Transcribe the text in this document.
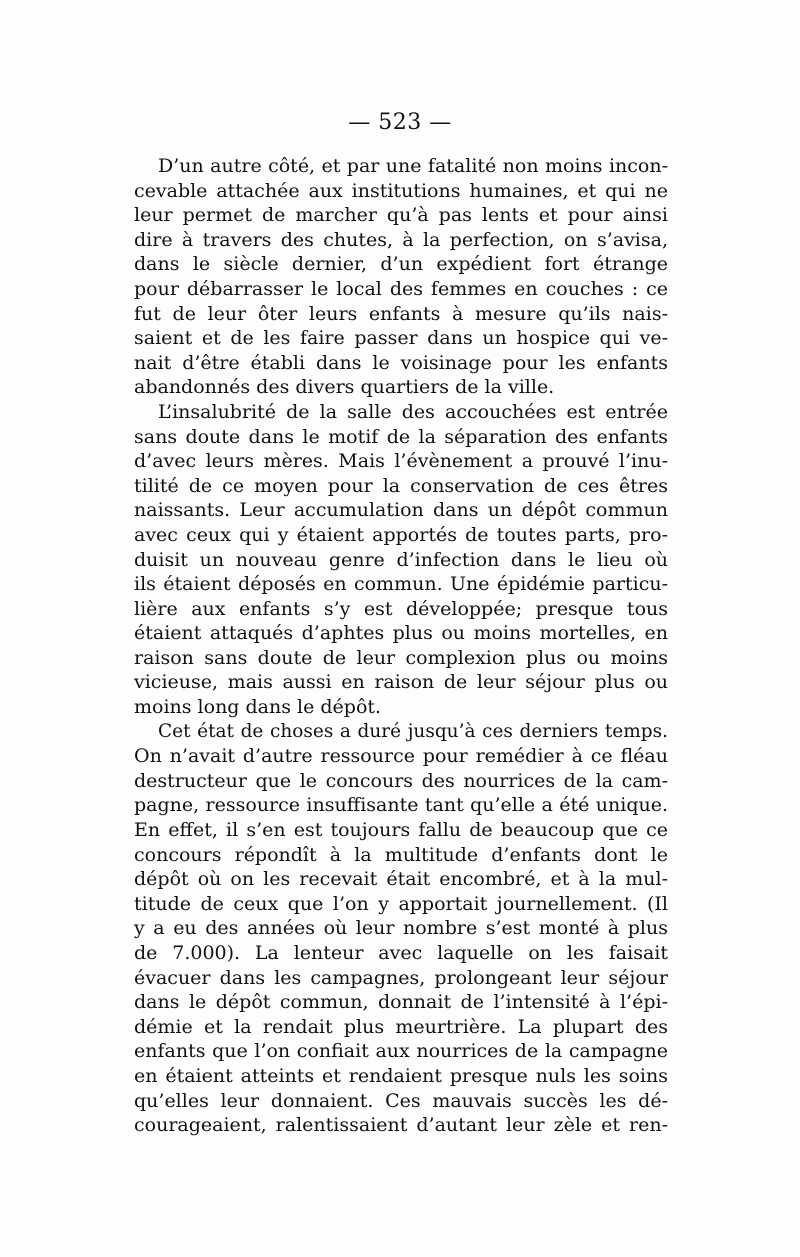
— 523 —
D’un autre côté, et par une fatalité non moins incon-
cevable attachée aux institutions humaines, et qui ne
leur permet de marcher qu’à pas lents et pour ainsi
dire à travers des chutes, à la perfection, on s’avisa,
dans le siècle dernier, d’un expédient fort étrange
pour débarrasser le local des femmes en couches : ce
fut de leur ôter leurs enfants à mesure qu’ils nais-
saient et de les faire passer dans un hospice qui ve-
nait d’être établi dans le voisinage pour les enfants
abandonnés des divers quartiers de la ville.
L’insalubrité de la salle des accouchées est entrée
sans doute dans le motif de la séparation des enfants
d’avec leurs mères. Mais l’évènement a prouvé l’inu-
tilité de ce moyen pour la conservation de ces êtres
naissants. Leur accumulation dans un dépôt commun
avec ceux qui y étaient apportés de toutes parts, pro-
duisit un nouveau genre d’infection dans le lieu où
ils étaient déposés en commun. Une épidémie particu-
lière aux enfants s’y est développée; presque tous
étaient attaqués d’aphtes plus ou moins mortelles, en
raison sans doute de leur complexion plus ou moins
vicieuse, mais aussi en raison de leur séjour plus ou
moins long dans le dépôt.
Cet état de choses a duré jusqu’à ces derniers temps.
On n’avait d’autre ressource pour remédier à ce fléau
destructeur que le concours des nourrices de la cam-
pagne, ressource insuffisante tant qu’elle a été unique.
En effet, il s’en est toujours fallu de beaucoup que ce
concours répondît à la multitude d’enfants dont le
dépôt où on les recevait était encombré, et à la mul-
titude de ceux que l’on y apportait journellement. (Il
y a eu des années où leur nombre s’est monté à plus
de 7.000). La lenteur avec laquelle on les faisait
évacuer dans les campagnes, prolongeant leur séjour
dans le dépôt commun, donnait de l’intensité à l’épi-
démie et la rendait plus meurtrière. La plupart des
enfants que l’on confiait aux nourrices de la campagne
en étaient atteints et rendaient presque nuls les soins
qu’elles leur donnaient. Ces mauvais succès les dé-
courageaient, ralentissaient d’autant leur zèle et ren-
